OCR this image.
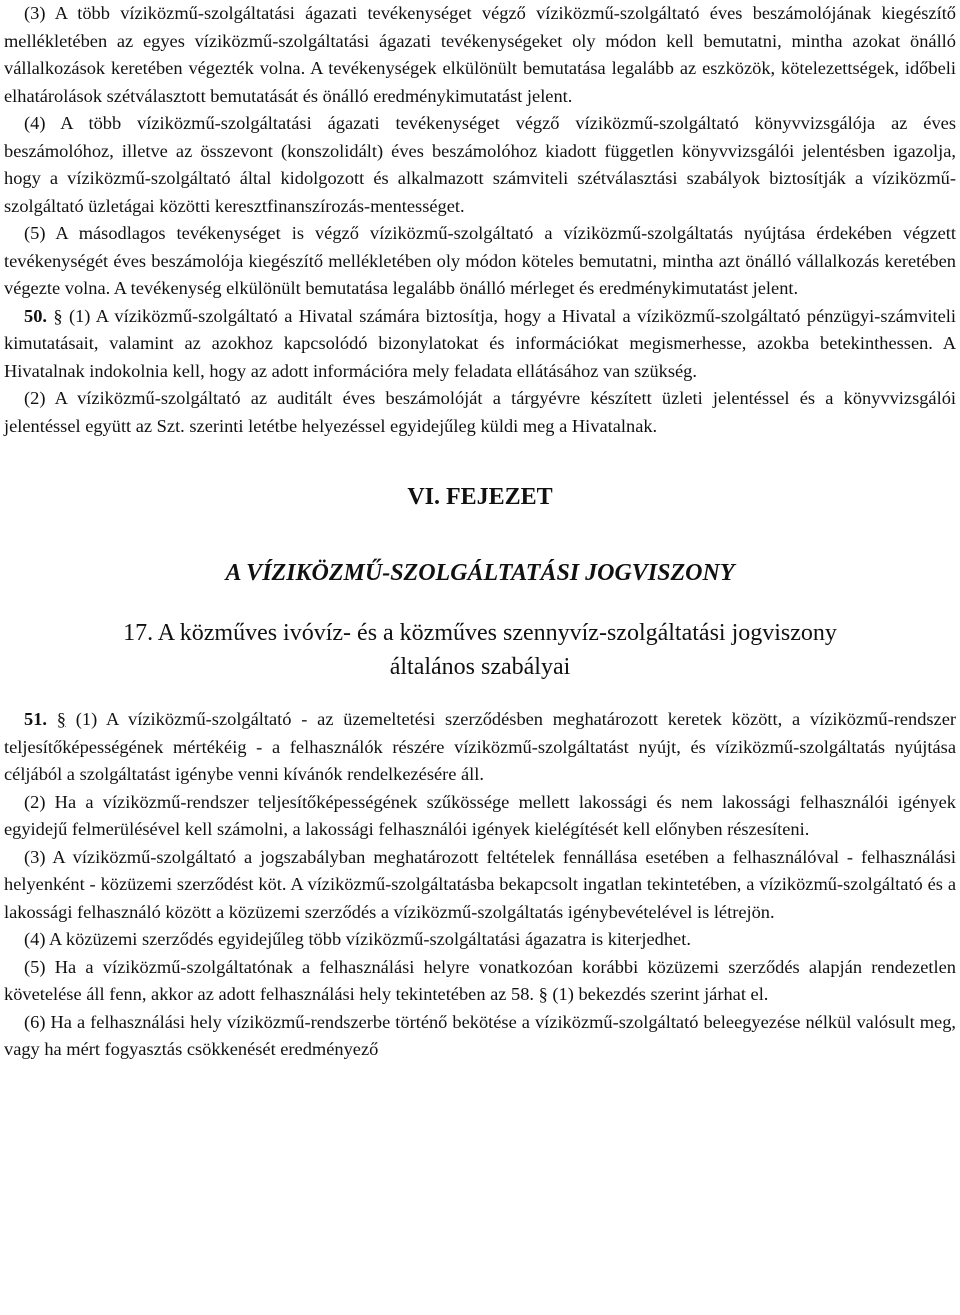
(3) A több víziközmű-szolgáltatási ágazati tevékenységet végző víziközmű-szolgáltató éves beszámolójának kiegészítő mellékletében az egyes víziközmű-szolgáltatási ágazati tevékenységeket oly módon kell bemutatni, mintha azokat önálló vállalkozások keretében végezték volna. A tevékenységek elkülönült bemutatása legalább az eszközök, kötelezettségek, időbeli elhatárolások szétválasztott bemutatását és önálló eredménykimutatást jelent.

(4) A több víziközmű-szolgáltatási ágazati tevékenységet végző víziközmű-szolgáltató könyvvizsgálója az éves beszámolóhoz, illetve az összevont (konszolidált) éves beszámolóhoz kiadott független könyvvizsgálói jelentésben igazolja, hogy a víziközmű-szolgáltató által kidolgozott és alkalmazott számviteli szétválasztási szabályok biztosítják a víziközmű-szolgáltató üzletágai közötti keresztfinanszírozás-mentességet.

(5) A másodlagos tevékenységet is végző víziközmű-szolgáltató a víziközmű-szolgáltatás nyújtása érdekében végzett tevékenységét éves beszámolója kiegészítő mellékletében oly módon köteles bemutatni, mintha azt önálló vállalkozás keretében végezte volna. A tevékenység elkülönült bemutatása legalább önálló mérleget és eredménykimutatást jelent.

50. § (1) A víziközmű-szolgáltató a Hivatal számára biztosítja, hogy a Hivatal a víziközmű-szolgáltató pénzügyi-számviteli kimutatásait, valamint az azokhoz kapcsolódó bizonylatokat és információkat megismerhesse, azokba betekinthessen. A Hivatalnak indokolnia kell, hogy az adott információra mely feladata ellátásához van szükség.

(2) A víziközmű-szolgáltató az auditált éves beszámolóját a tárgyévre készített üzleti jelentéssel és a könyvvizsgálói jelentéssel együtt az Szt. szerinti letétbe helyezéssel egyidejűleg küldi meg a Hivatalnak.

VI. FEJEZET
A VÍZIKÖZMŰ-SZOLGÁLTATÁSI JOGVISZONY
17. A közműves ivóvíz- és a közműves szennyvíz-szolgáltatási jogviszony
általános szabályai

51. § (1) A víziközmű-szolgáltató - az üzemeltetési szerződésben meghatározott keretek között, a víziközmű-rendszer teljesítőképességének mértékéig - a felhasználók részére víziközmű-szolgáltatást nyújt, és víziközmű-szolgáltatás nyújtása céljából a szolgáltatást igénybe venni kívánók rendelkezésére áll.

(2) Ha a víziközmű-rendszer teljesítőképességének szűkössége mellett lakossági és nem lakossági felhasználói igények egyidejű felmerülésével kell számolni, a lakossági felhasználói igények kielégítését kell előnyben részesíteni.

(3) A víziközmű-szolgáltató a jogszabályban meghatározott feltételek fennállása esetében a felhasználóval - felhasználási helyenként - közüzemi szerződést köt. A víziközmű-szolgáltatásba bekapcsolt ingatlan tekintetében, a víziközmű-szolgáltató és a lakossági felhasználó között a közüzemi szerződés a víziközmű-szolgáltatás igénybevételével is létrejön.

(4) A közüzemi szerződés egyidejűleg több víziközmű-szolgáltatási ágazatra is kiterjedhet.

(5) Ha a víziközmű-szolgáltatónak a felhasználási helyre vonatkozóan korábbi közüzemi szerződés alapján rendezetlen követelése áll fenn, akkor az adott felhasználási hely tekintetében az 58. § (1) bekezdés szerint járhat el.

(6) Ha a felhasználási hely víziközmű-rendszerbe történő bekötése a víziközmű-szolgáltató beleegyezése nélkül valósult meg, vagy ha mért fogyasztás csökkenését eredményező
